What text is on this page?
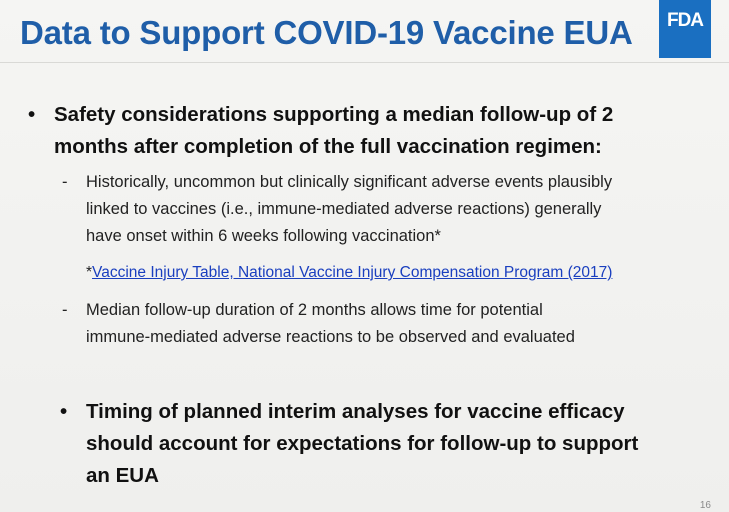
Data to Support COVID-19 Vaccine EUA FDA
• Safety considerations supporting a median follow-up of 2
months after completion of the full vaccination regimen:
- Historically, uncommon but clinically significant adverse events plausibly
linked to vaccines (i.e., immune-mediated adverse reactions) generally
have onset within 6 weeks following vaccination*
*Vaccine Injury Table, National Vaccine Injury Compensation Program (2017)
- Median follow-up duration of 2 months allows time for potential
immune-mediated adverse reactions to be observed and evaluated
• Timing of planned interim analyses for vaccine efficacy
should account for expectations for follow-up to support
an EUA
16
